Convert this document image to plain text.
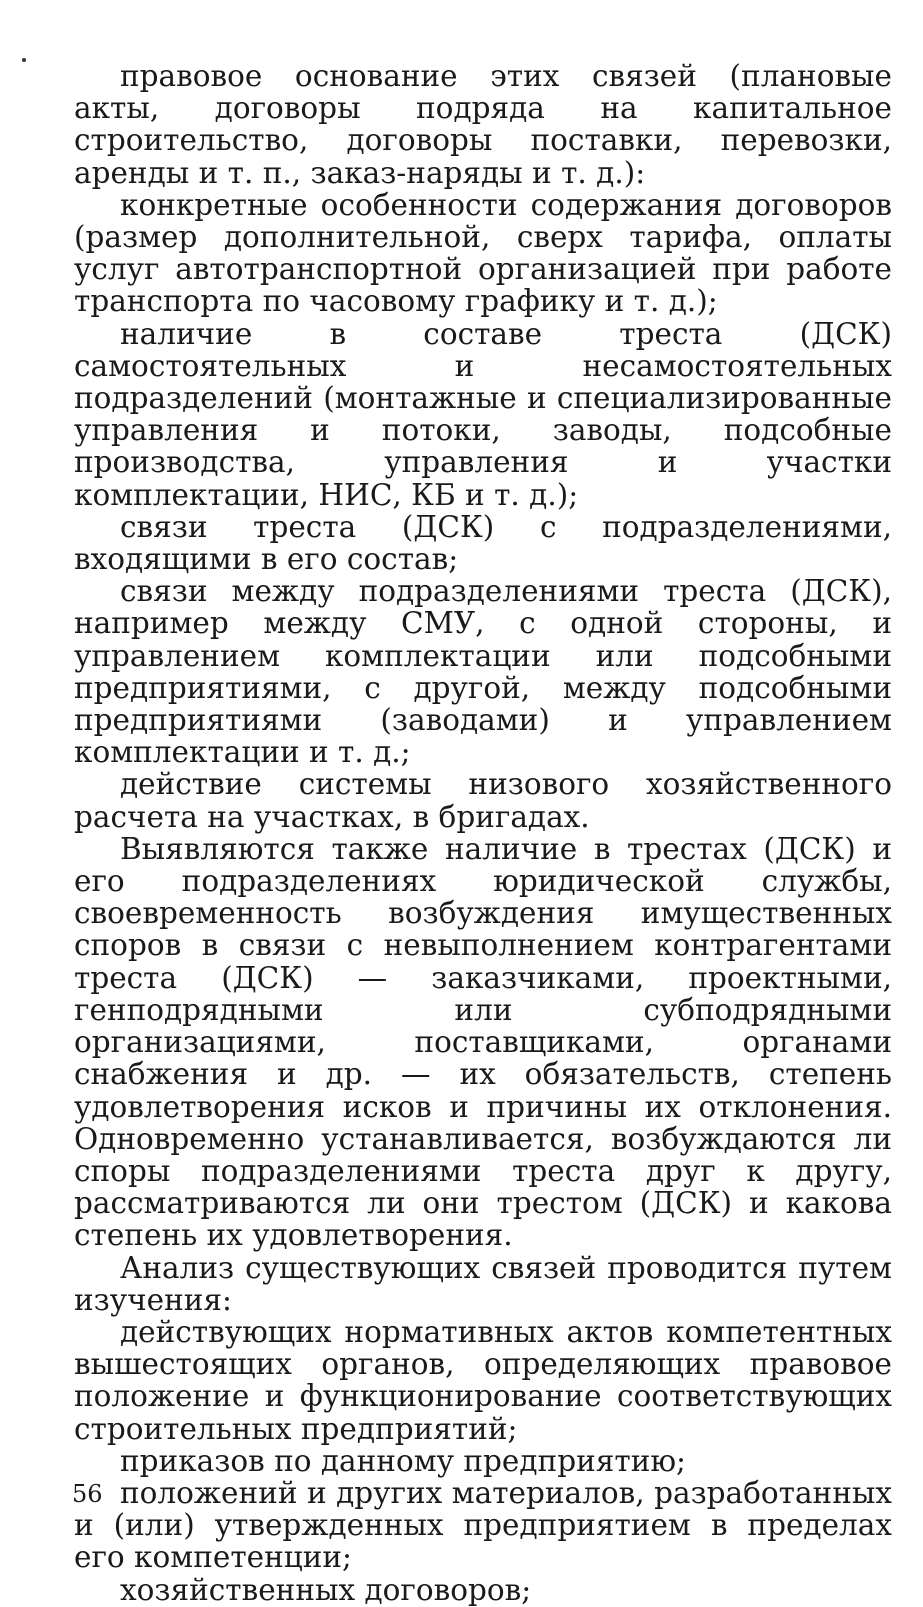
правовое основание этих связей (плановые акты, договоры подряда на капитальное строительство, договоры поставки, перевозки, аренды и т. п., заказ-наряды и т. д.):

конкретные особенности содержания договоров (размер дополнительной, сверх тарифа, оплаты услуг автотранспортной организацией при работе транспорта по часовому графику и т. д.);

наличие в составе треста (ДСК) самостоятельных и несамостоятельных подразделений (монтажные и специализированные управления и потоки, заводы, подсобные производства, управления и участки комплектации, НИС, КБ и т. д.);

связи треста (ДСК) с подразделениями, входящими в его состав;

связи между подразделениями треста (ДСК), например между СМУ, с одной стороны, и управлением комплектации или подсобными предприятиями, с другой, между подсобными предприятиями (заводами) и управлением комплектации и т. д.;

действие системы низового хозяйственного расчета на участках, в бригадах.

Выявляются также наличие в трестах (ДСК) и его подразделениях юридической службы, своевременность возбуждения имущественных споров в связи с невыполнением контрагентами треста (ДСК) — заказчиками, проектными, генподрядными или субподрядными организациями, поставщиками, органами снабжения и др. — их обязательств, степень удовлетворения исков и причины их отклонения. Одновременно устанавливается, возбуждаются ли споры подразделениями треста друг к другу, рассматриваются ли они трестом (ДСК) и какова степень их удовлетворения.

Анализ существующих связей проводится путем изучения:

действующих нормативных актов компетентных вышестоящих органов, определяющих правовое положение и функционирование соответствующих строительных предприятий;

приказов по данному предприятию;

положений и других материалов, разработанных и (или) утвержденных предприятием в пределах его компетенции;

хозяйственных договоров;

56
